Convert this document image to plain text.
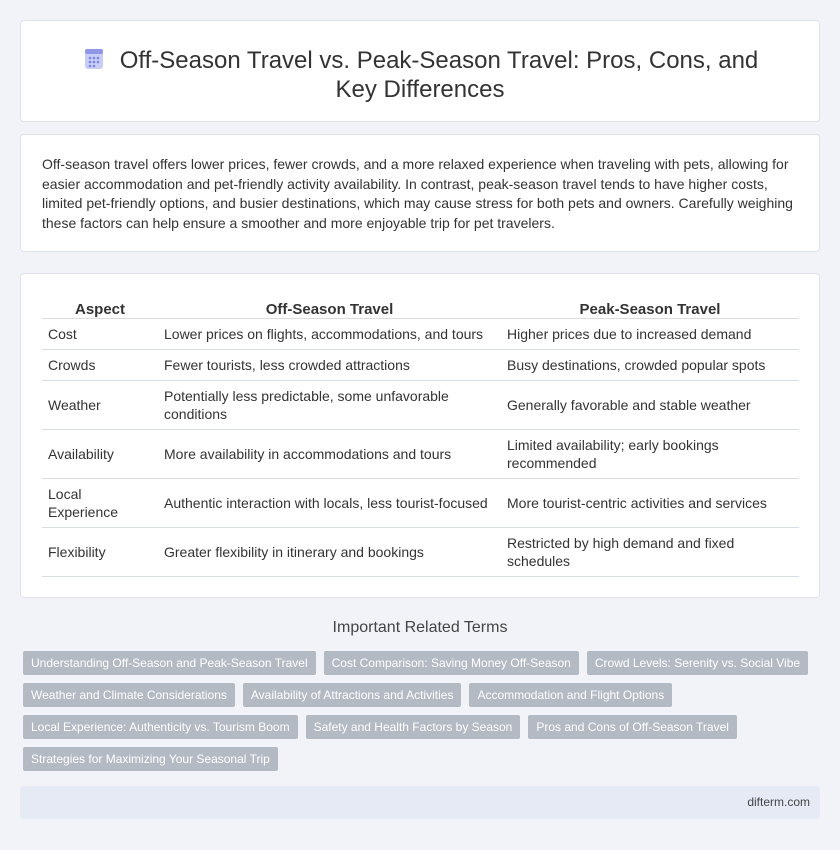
Off-Season Travel vs. Peak-Season Travel: Pros, Cons, and Key Differences

Off-season travel offers lower prices, fewer crowds, and a more relaxed experience when traveling with pets, allowing for easier accommodation and pet-friendly activity availability. In contrast, peak-season travel tends to have higher costs, limited pet-friendly options, and busier destinations, which may cause stress for both pets and owners. Carefully weighing these factors can help ensure a smoother and more enjoyable trip for pet travelers.

Aspect	Off-Season Travel	Peak-Season Travel
Cost	Lower prices on flights, accommodations, and tours	Higher prices due to increased demand
Crowds	Fewer tourists, less crowded attractions	Busy destinations, crowded popular spots
Weather	Potentially less predictable, some unfavorable conditions	Generally favorable and stable weather
Availability	More availability in accommodations and tours	Limited availability; early bookings recommended
Local Experience	Authentic interaction with locals, less tourist-focused	More tourist-centric activities and services
Flexibility	Greater flexibility in itinerary and bookings	Restricted by high demand and fixed schedules
Important Related Terms
Understanding Off-Season and Peak-Season Travel	Cost Comparison: Saving Money Off-Season	Crowd Levels: Serenity vs. Social Vibe
Weather and Climate Considerations	Availability of Attractions and Activities	Accommodation and Flight Options
Local Experience: Authenticity vs. Tourism Boom	Safety and Health Factors by Season	Pros and Cons of Off-Season Travel
Strategies for Maximizing Your Seasonal Trip
difterm.com
